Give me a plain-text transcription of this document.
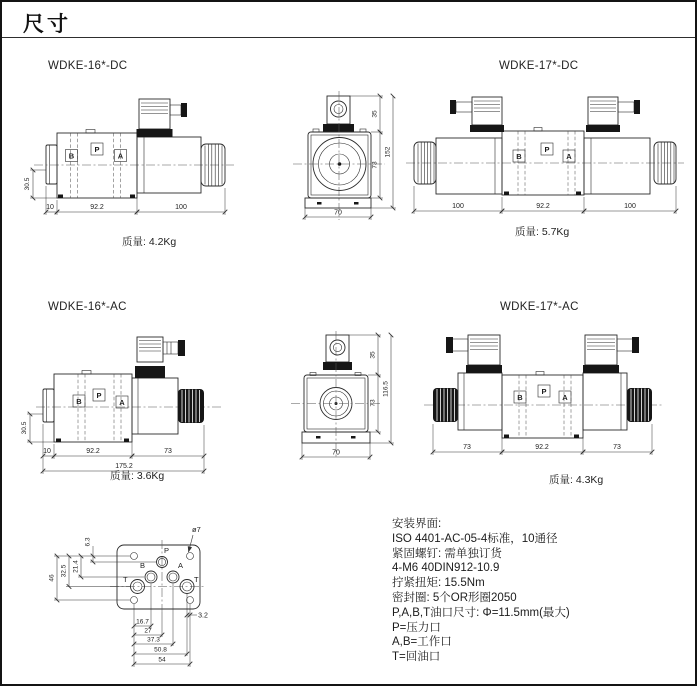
尺寸
WDKE-16*-DC	WDKE-17*-DC
WDKE-16*-AC	WDKE-17*-AC
质量: 4.2Kg
质量: 5.7Kg
质量: 3.6Kg	质量: 4.3Kg
B
P
A
10	92.2	100
30.5
35
73
152
70
B
P
A
100	92.2	100
B
P
A
10	92.2	73
175.2
30.5
35
73
116.5
70
B
P
A
73	92.2	73
P
B	A
T	T
ø7
46
32.5 21.4
6.3
3.2
16.7
27
37.3
50.8
54
安装界面:
ISO 4401-AC-05-4标准，10通径
紧固螺钉: 需单独订货
4-M6 40DIN912-10.9
拧紧扭矩: 15.5Nm
密封圈: 5个OR形圈2050
P,A,B,T油口尺寸: Φ=11.5mm(最大)
P=压力口
A,B=工作口
T=回油口
